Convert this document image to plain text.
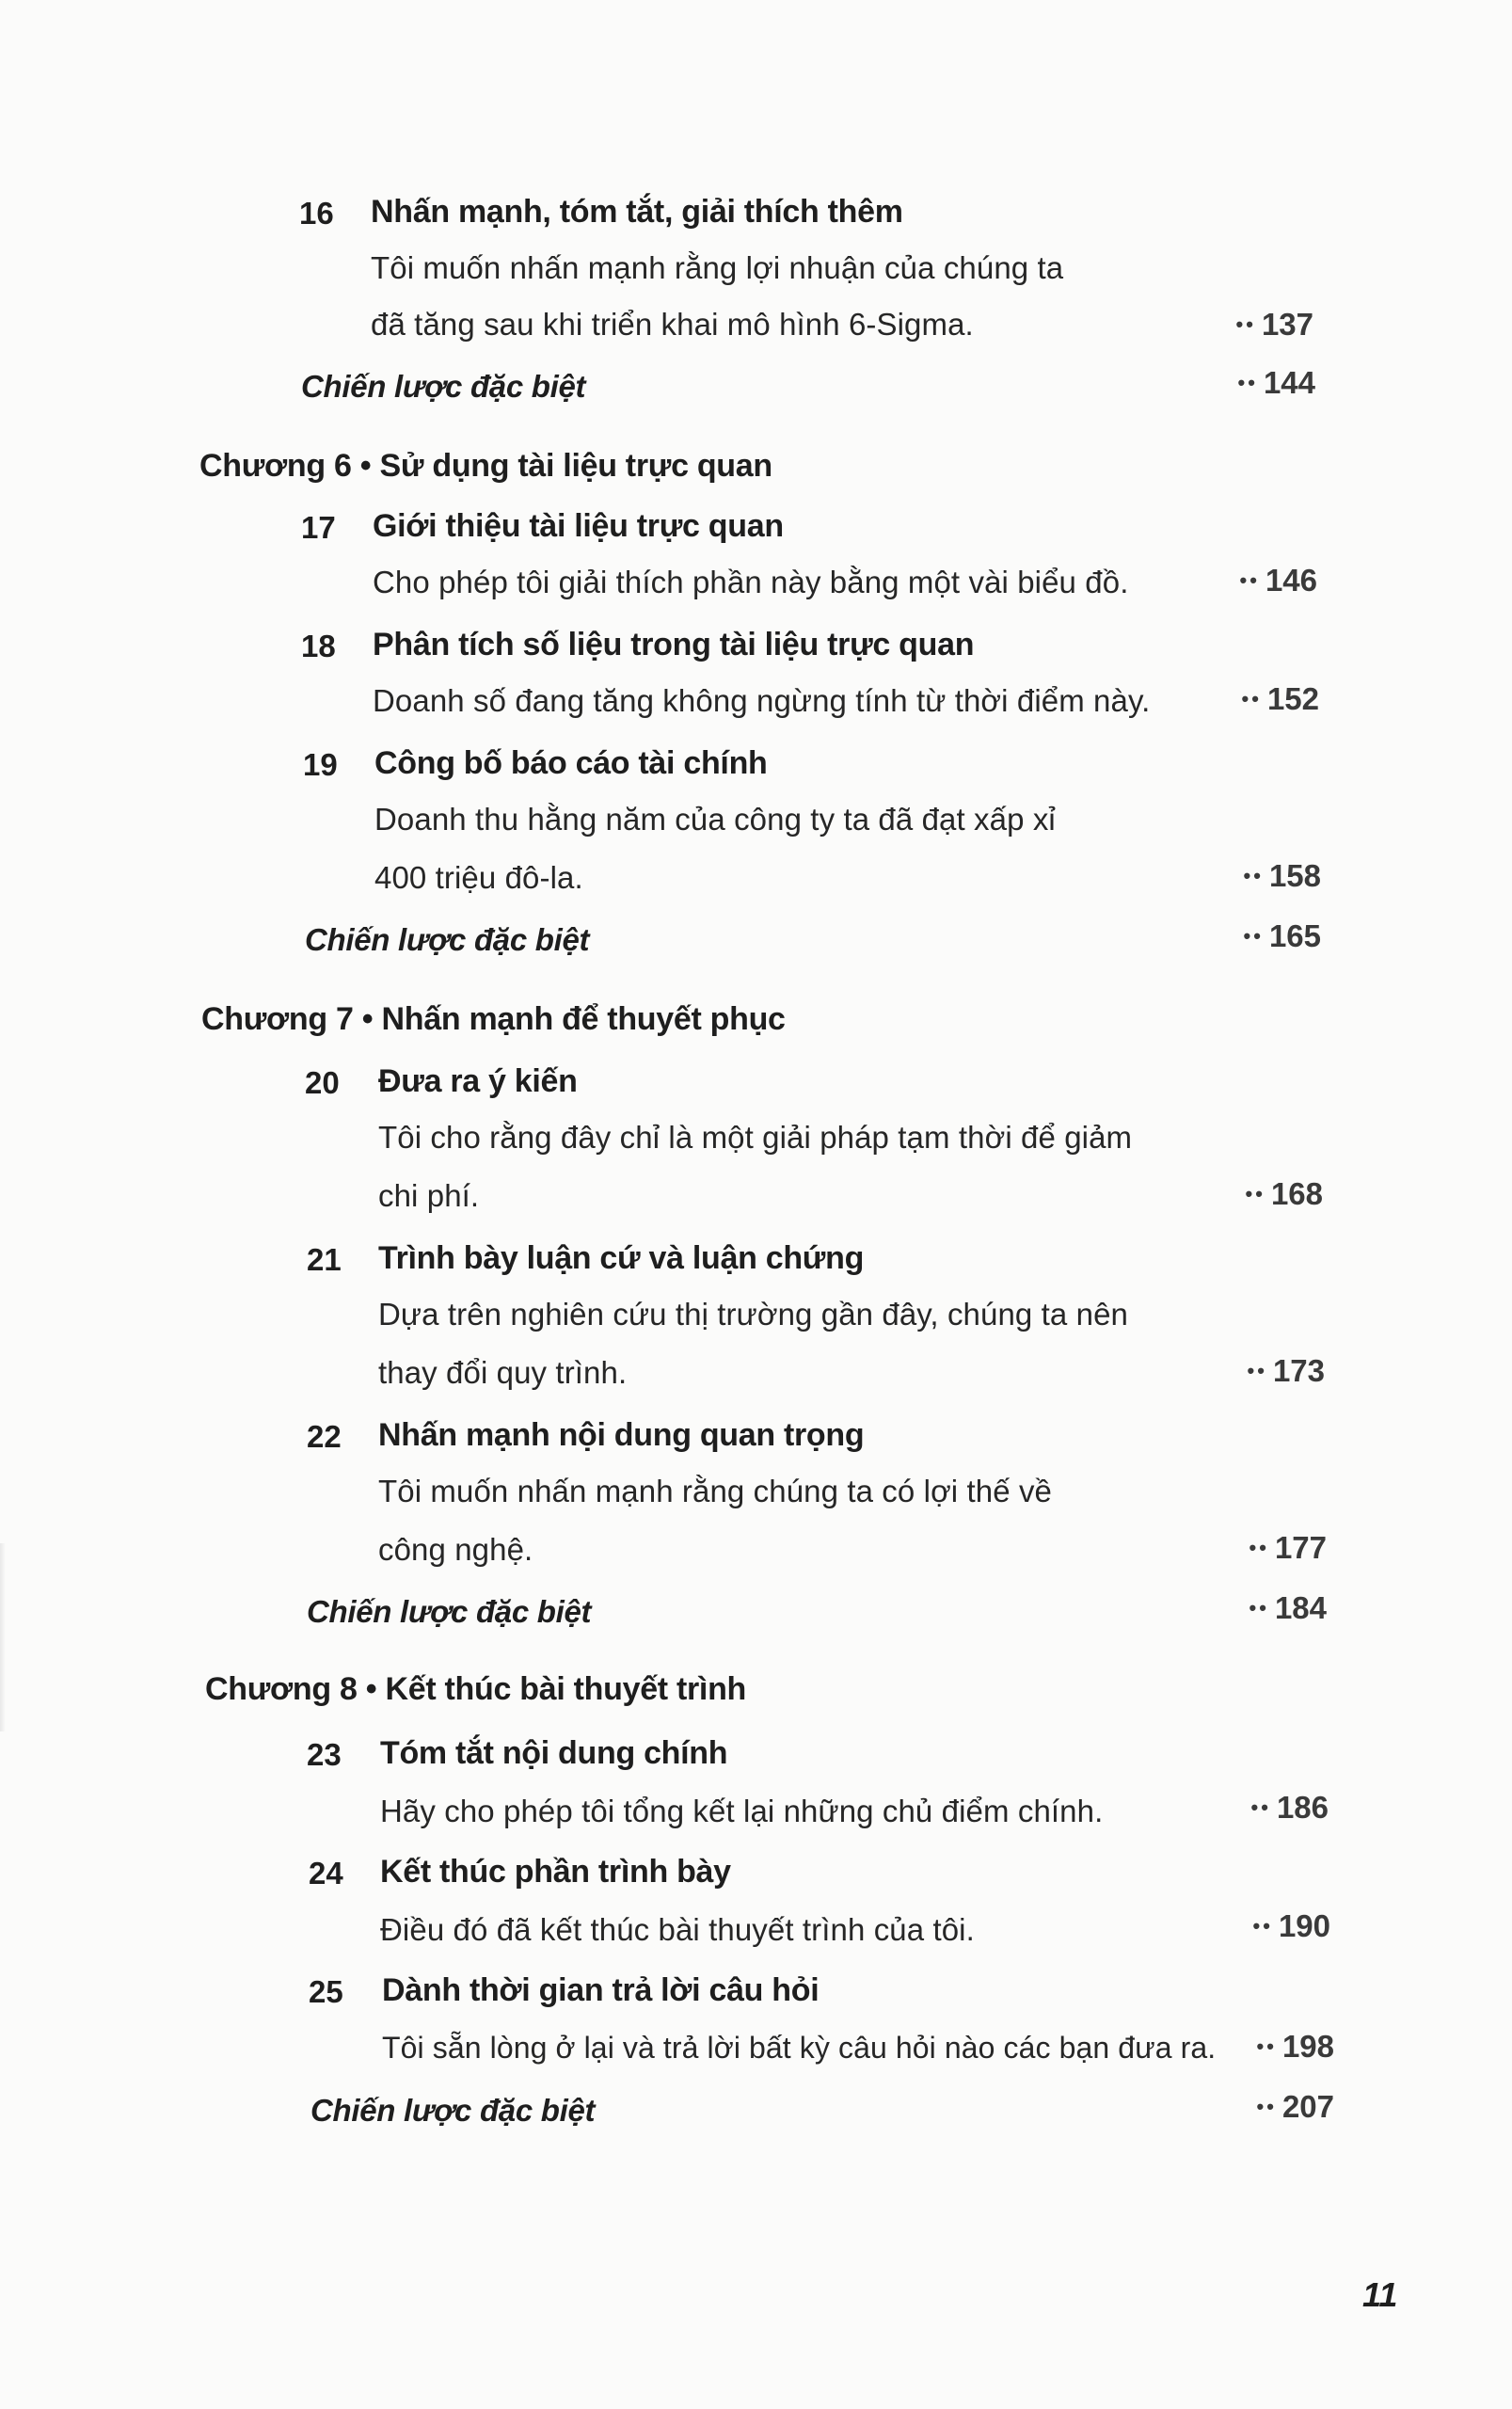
16	Nhấn mạnh, tóm tắt, giải thích thêm
Tôi muốn nhấn mạnh rằng lợi nhuận của chúng ta
đã tăng sau khi triển khai mô hình 6-Sigma.	•• 137
Chiến lược đặc biệt	•• 144
Chương 6 • Sử dụng tài liệu trực quan
17	Giới thiệu tài liệu trực quan
Cho phép tôi giải thích phần này bằng một vài biểu đồ.	•• 146
18	Phân tích số liệu trong tài liệu trực quan
Doanh số đang tăng không ngừng tính từ thời điểm này.	•• 152
19	Công bố báo cáo tài chính
Doanh thu hằng năm của công ty ta đã đạt xấp xỉ
400 triệu đô-la.	•• 158
Chiến lược đặc biệt	•• 165
Chương 7 • Nhấn mạnh để thuyết phục
20	Đưa ra ý kiến
Tôi cho rằng đây chỉ là một giải pháp tạm thời để giảm
chi phí.	•• 168
21	Trình bày luận cứ và luận chứng
Dựa trên nghiên cứu thị trường gần đây, chúng ta nên
thay đổi quy trình.	•• 173
22	Nhấn mạnh nội dung quan trọng
Tôi muốn nhấn mạnh rằng chúng ta có lợi thế về
công nghệ.	•• 177
Chiến lược đặc biệt	•• 184
Chương 8 • Kết thúc bài thuyết trình
23	Tóm tắt nội dung chính
Hãy cho phép tôi tổng kết lại những chủ điểm chính.	•• 186
24	Kết thúc phần trình bày
Điều đó đã kết thúc bài thuyết trình của tôi.	•• 190
25	Dành thời gian trả lời câu hỏi
Tôi sẵn lòng ở lại và trả lời bất kỳ câu hỏi nào các bạn đưa ra.	•• 198
Chiến lược đặc biệt	•• 207
11
